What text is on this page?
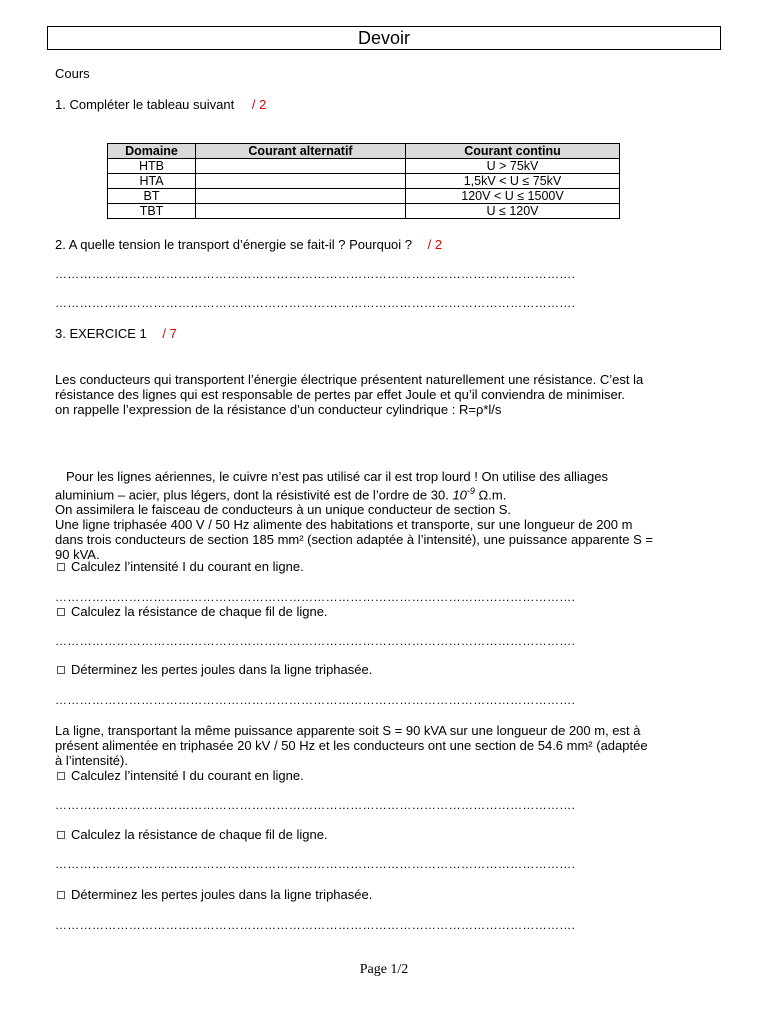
Devoir
Cours
1. Compléter le tableau suivant / 2
Domaine	Courant alternatif	Courant continu
HTB		U > 75kV
HTA		1,5kV < U ≤ 75kV
BT		120V < U ≤ 1500V
TBT		U ≤ 120V
2. A quelle tension le transport d’énergie se fait-il ? Pourquoi ? / 2
……………………………………………………………………………………………………………….
……………………………………………………………………………………………………………….
3. EXERCICE 1 / 7
Les conducteurs qui transportent l’énergie électrique présentent naturellement une résistance. C’est la
résistance des lignes qui est responsable de pertes par effet Joule et qu’il conviendra de minimiser.
on rappelle l’expression de la résistance d’un conducteur cylindrique : R=ρ*l/s
Pour les lignes aériennes, le cuivre n’est pas utilisé car il est trop lourd ! On utilise des alliages
aluminium – acier, plus légers, dont la résistivité est de l’ordre de 30. $10^{-9}$ Ω.m.
On assimilera le faisceau de conducteurs à un unique conducteur de section S.
Une ligne triphasée 400 V / 50 Hz alimente des habitations et transporte, sur une longueur de 200 m
dans trois conducteurs de section 185 mm² (section adaptée à l’intensité), une puissance apparente S =
90 kVA.
Calculez l’intensité I du courant en ligne.
……………………………………………………………………………………………………………….
Calculez la résistance de chaque fil de ligne.
……………………………………………………………………………………………………………….
Déterminez les pertes joules dans la ligne triphasée.
……………………………………………………………………………………………………………….
La ligne, transportant la même puissance apparente soit S = 90 kVA sur une longueur de 200 m, est à
présent alimentée en triphasée 20 kV / 50 Hz et les conducteurs ont une section de 54.6 mm² (adaptée
à l’intensité).
Calculez l’intensité I du courant en ligne.
……………………………………………………………………………………………………………….
Calculez la résistance de chaque fil de ligne.
……………………………………………………………………………………………………………….
Déterminez les pertes joules dans la ligne triphasée.
……………………………………………………………………………………………………………….
Page 1/2
